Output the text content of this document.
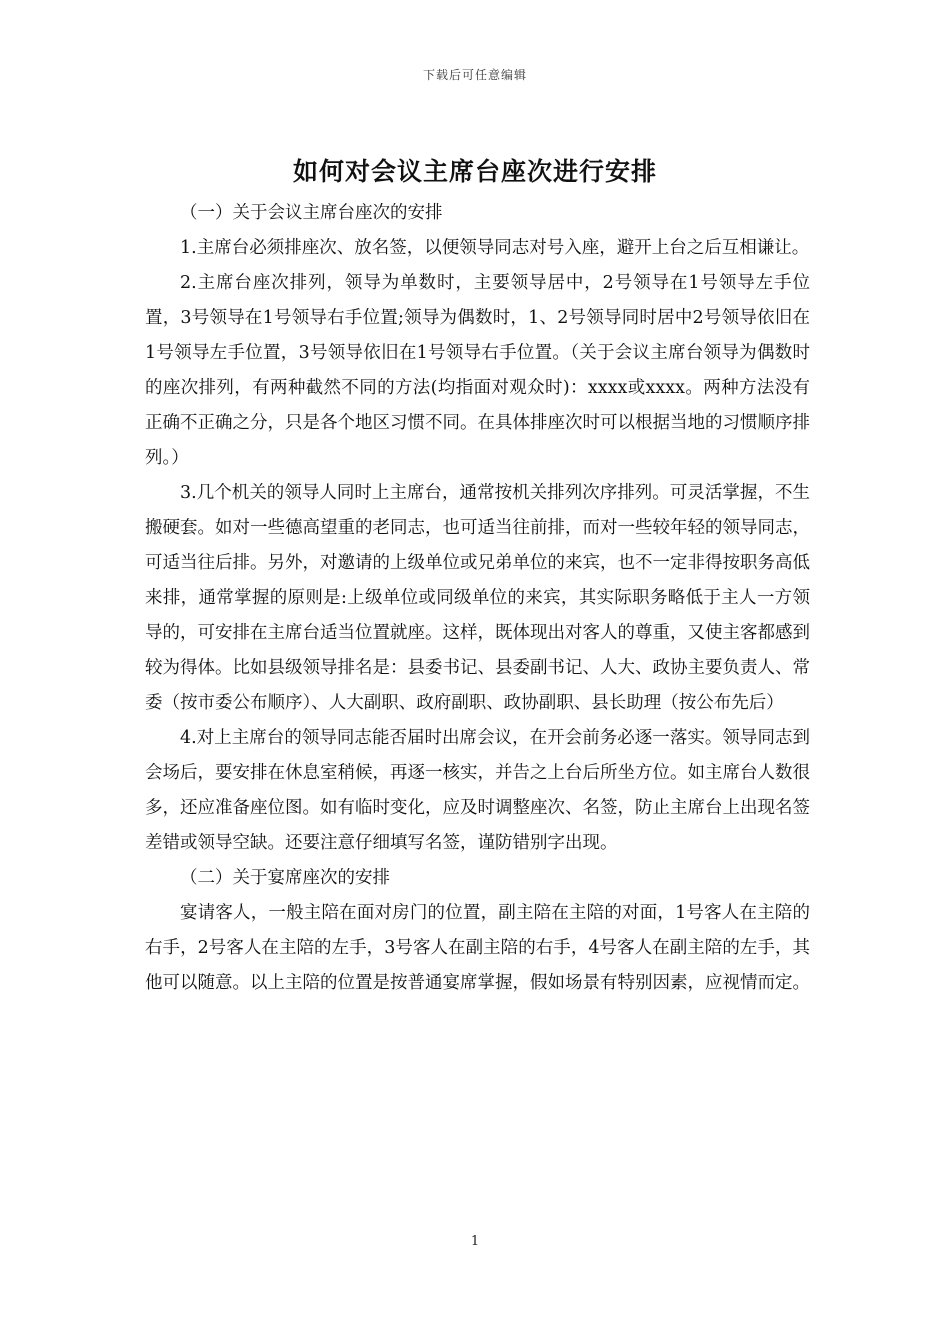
下载后可任意编辑
如何对会议主席台座次进行安排

（一）关于会议主席台座次的安排

1.主席台必须排座次、放名签，以便领导同志对号入座，避开上台之后互相谦让。

2.主席台座次排列，领导为单数时，主要领导居中，2号领导在1号领导左手位置，3号领导在1号领导右手位置;领导为偶数时，1、2号领导同时居中2号领导依旧在1号领导左手位置，3号领导依旧在1号领导右手位置。（关于会议主席台领导为偶数时的座次排列，有两种截然不同的方法(均指面对观众时)：xxxx或xxxx。两种方法没有正确不正确之分，只是各个地区习惯不同。在具体排座次时可以根据当地的习惯顺序排列。）

3.几个机关的领导人同时上主席台，通常按机关排列次序排列。可灵活掌握，不生搬硬套。如对一些德高望重的老同志，也可适当往前排，而对一些较年轻的领导同志，可适当往后排。另外，对邀请的上级单位或兄弟单位的来宾，也不一定非得按职务高低来排，通常掌握的原则是:上级单位或同级单位的来宾，其实际职务略低于主人一方领导的，可安排在主席台适当位置就座。这样，既体现出对客人的尊重，又使主客都感到较为得体。比如县级领导排名是：县委书记、县委副书记、人大、政协主要负责人、常委（按市委公布顺序）、人大副职、政府副职、政协副职、县长助理（按公布先后）

4.对上主席台的领导同志能否届时出席会议，在开会前务必逐一落实。领导同志到会场后，要安排在休息室稍候，再逐一核实，并告之上台后所坐方位。如主席台人数很多，还应准备座位图。如有临时变化，应及时调整座次、名签，防止主席台上出现名签差错或领导空缺。还要注意仔细填写名签，谨防错别字出现。

（二）关于宴席座次的安排

宴请客人，一般主陪在面对房门的位置，副主陪在主陪的对面，1号客人在主陪的右手，2号客人在主陪的左手，3号客人在副主陪的右手，4号客人在副主陪的左手，其他可以随意。以上主陪的位置是按普通宴席掌握，假如场景有特别因素，应视情而定。

1
